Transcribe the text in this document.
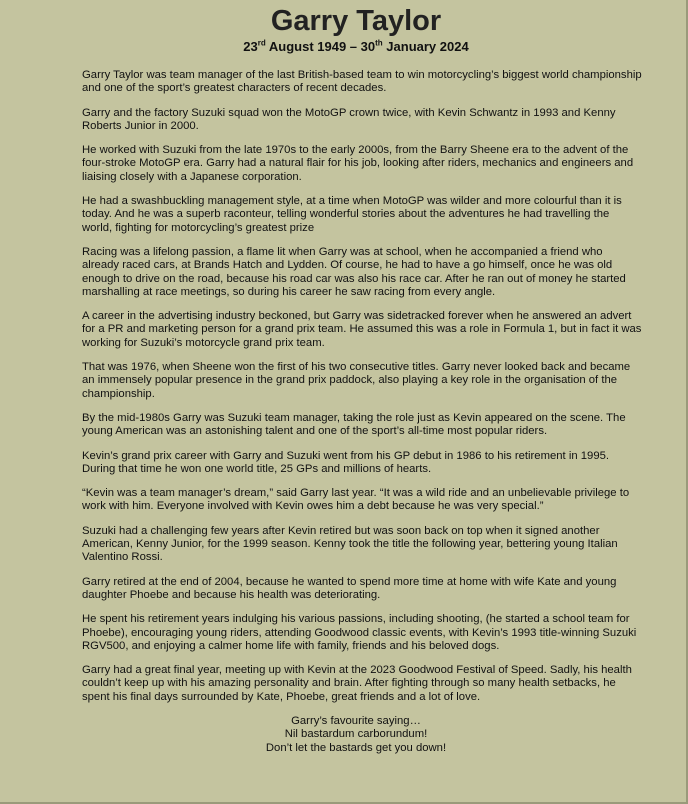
Garry Taylor
23rd August 1949 – 30th January 2024

Garry Taylor was team manager of the last British-based team to win motorcycling’s biggest world championship and one of the sport’s greatest characters of recent decades.

Garry and the factory Suzuki squad won the MotoGP crown twice, with Kevin Schwantz in 1993 and Kenny Roberts Junior in 2000.

He worked with Suzuki from the late 1970s to the early 2000s, from the Barry Sheene era to the advent of the four-stroke MotoGP era. Garry had a natural flair for his job, looking after riders, mechanics and engineers and liaising closely with a Japanese corporation.

He had a swashbuckling management style, at a time when MotoGP was wilder and more colourful than it is today. And he was a superb raconteur, telling wonderful stories about the adventures he had travelling the world, fighting for motorcycling’s greatest prize

Racing was a lifelong passion, a flame lit when Garry was at school, when he accompanied a friend who already raced cars, at Brands Hatch and Lydden. Of course, he had to have a go himself, once he was old enough to drive on the road, because his road car was also his race car. After he ran out of money he started marshalling at race meetings, so during his career he saw racing from every angle.

A career in the advertising industry beckoned, but Garry was sidetracked forever when he answered an advert for a PR and marketing person for a grand prix team. He assumed this was a role in Formula 1, but in fact it was working for Suzuki’s motorcycle grand prix team.

That was 1976, when Sheene won the first of his two consecutive titles. Garry never looked back and became an immensely popular presence in the grand prix paddock, also playing a key role in the organisation of the championship.

By the mid-1980s Garry was Suzuki team manager, taking the role just as Kevin appeared on the scene. The young American was an astonishing talent and one of the sport’s all-time most popular riders.

Kevin’s grand prix career with Garry and Suzuki went from his GP debut in 1986 to his retirement in 1995. During that time he won one world title, 25 GPs and millions of hearts.

“Kevin was a team manager’s dream,” said Garry last year. “It was a wild ride and an unbelievable privilege to work with him. Everyone involved with Kevin owes him a debt because he was very special.”

Suzuki had a challenging few years after Kevin retired but was soon back on top when it signed another American, Kenny Junior, for the 1999 season. Kenny took the title the following year, bettering young Italian Valentino Rossi.

Garry retired at the end of 2004, because he wanted to spend more time at home with wife Kate and young daughter Phoebe and because his health was deteriorating.

He spent his retirement years indulging his various passions, including shooting, (he started a school team for Phoebe), encouraging young riders, attending Goodwood classic events, with Kevin’s 1993 title-winning Suzuki RGV500, and enjoying a calmer home life with family, friends and his beloved dogs.

Garry had a great final year, meeting up with Kevin at the 2023 Goodwood Festival of Speed. Sadly, his health couldn’t keep up with his amazing personality and brain. After fighting through so many health setbacks, he spent his final days surrounded by Kate, Phoebe, great friends and a lot of love.

Garry’s favourite saying…
Nil bastardum carborundum!
Don’t let the bastards get you down!
